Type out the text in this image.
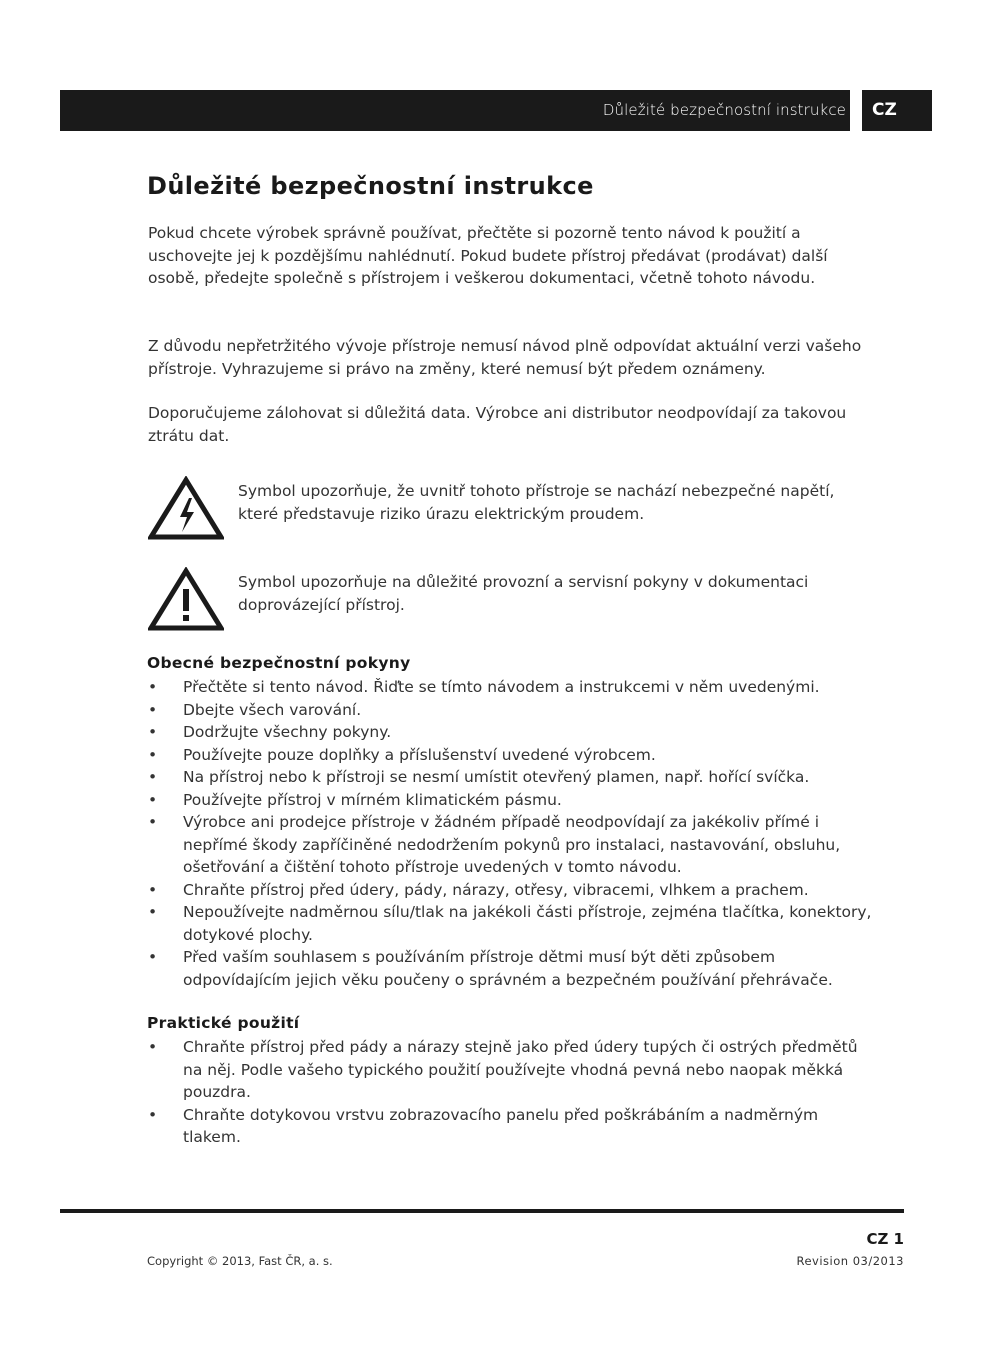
Důležité bezpečnostní instrukce	CZ
Důležité bezpečnostní instrukce

Pokud chcete výrobek správně používat, přečtěte si pozorně tento návod k použití a uschovejte jej k pozdějšímu nahlédnutí. Pokud budete přístroj předávat (prodávat) další osobě, předejte společně s přístrojem i veškerou dokumentaci, včetně tohoto návodu.

Z důvodu nepřetržitého vývoje přístroje nemusí návod plně odpovídat aktuální verzi vašeho přístroje. Vyhrazujeme si právo na změny, které nemusí být předem oznámeny.

Doporučujeme zálohovat si důležitá data. Výrobce ani distributor neodpovídají za takovou ztrátu dat.

Symbol upozorňuje, že uvnitř tohoto přístroje se nachází nebezpečné napětí, které představuje riziko úrazu elektrickým proudem.

Symbol upozorňuje na důležité provozní a servisní pokyny v dokumentaci doprovázející přístroj.

Obecné bezpečnostní pokyny
• Přečtěte si tento návod. Řiďte se tímto návodem a instrukcemi v něm uvedenými.
• Dbejte všech varování.
• Dodržujte všechny pokyny.
• Používejte pouze doplňky a příslušenství uvedené výrobcem.
• Na přístroj nebo k přístroji se nesmí umístit otevřený plamen, např. hořící svíčka.
• Používejte přístroj v mírném klimatickém pásmu.
• Výrobce ani prodejce přístroje v žádném případě neodpovídají za jakékoliv přímé i nepřímé škody zapříčiněné nedodržením pokynů pro instalaci, nastavování, obsluhu, ošetřování a čištění tohoto přístroje uvedených v tomto návodu.
• Chraňte přístroj před údery, pády, nárazy, otřesy, vibracemi, vlhkem a prachem.
• Nepoužívejte nadměrnou sílu/tlak na jakékoli části přístroje, zejména tlačítka, konektory, dotykové plochy.
• Před vaším souhlasem s používáním přístroje dětmi musí být děti způsobem odpovídajícím jejich věku poučeny o správném a bezpečném používání přehrávače.
Praktické použití
• Chraňte přístroj před pády a nárazy stejně jako před údery tupých či ostrých předmětů na něj. Podle vašeho typického použití používejte vhodná pevná nebo naopak měkká pouzdra.
• Chraňte dotykovou vrstvu zobrazovacího panelu před poškrábáním a nadměrným tlakem.
CZ 1
Copyright © 2013, Fast ČR, a. s.	Revision 03/2013
